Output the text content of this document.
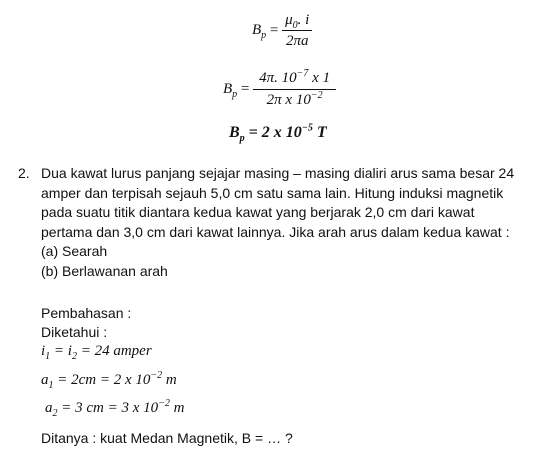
$B_p = \frac{\mu_0. i}{2\pi a}$
$B_p = \frac{4\pi. 10^{-7} x 1}{2\pi x 10^{-2}}$
$B_p = 2$ x $10^{-5}$ T
2. Dua kawat lurus panjang sejajar masing – masing dialiri arus sama besar 24
amper dan terpisah sejauh 5,0 cm satu sama lain. Hitung induksi magnetik
pada suatu titik diantara kedua kawat yang berjarak 2,0 cm dari kawat
pertama dan 3,0 cm dari kawat lainnya. Jika arah arus dalam kedua kawat :
(a) Searah
(b) Berlawanan arah
Pembahasan :
Diketahui :
$i_1 = i_2 = 24$ amper
$a_1 = 2cm = 2$ x $10^{-2}$ m
$a_2 = 3$ cm = 3 x $10^{-2}$ m
Ditanya : kuat Medan Magnetik, B = … ?
